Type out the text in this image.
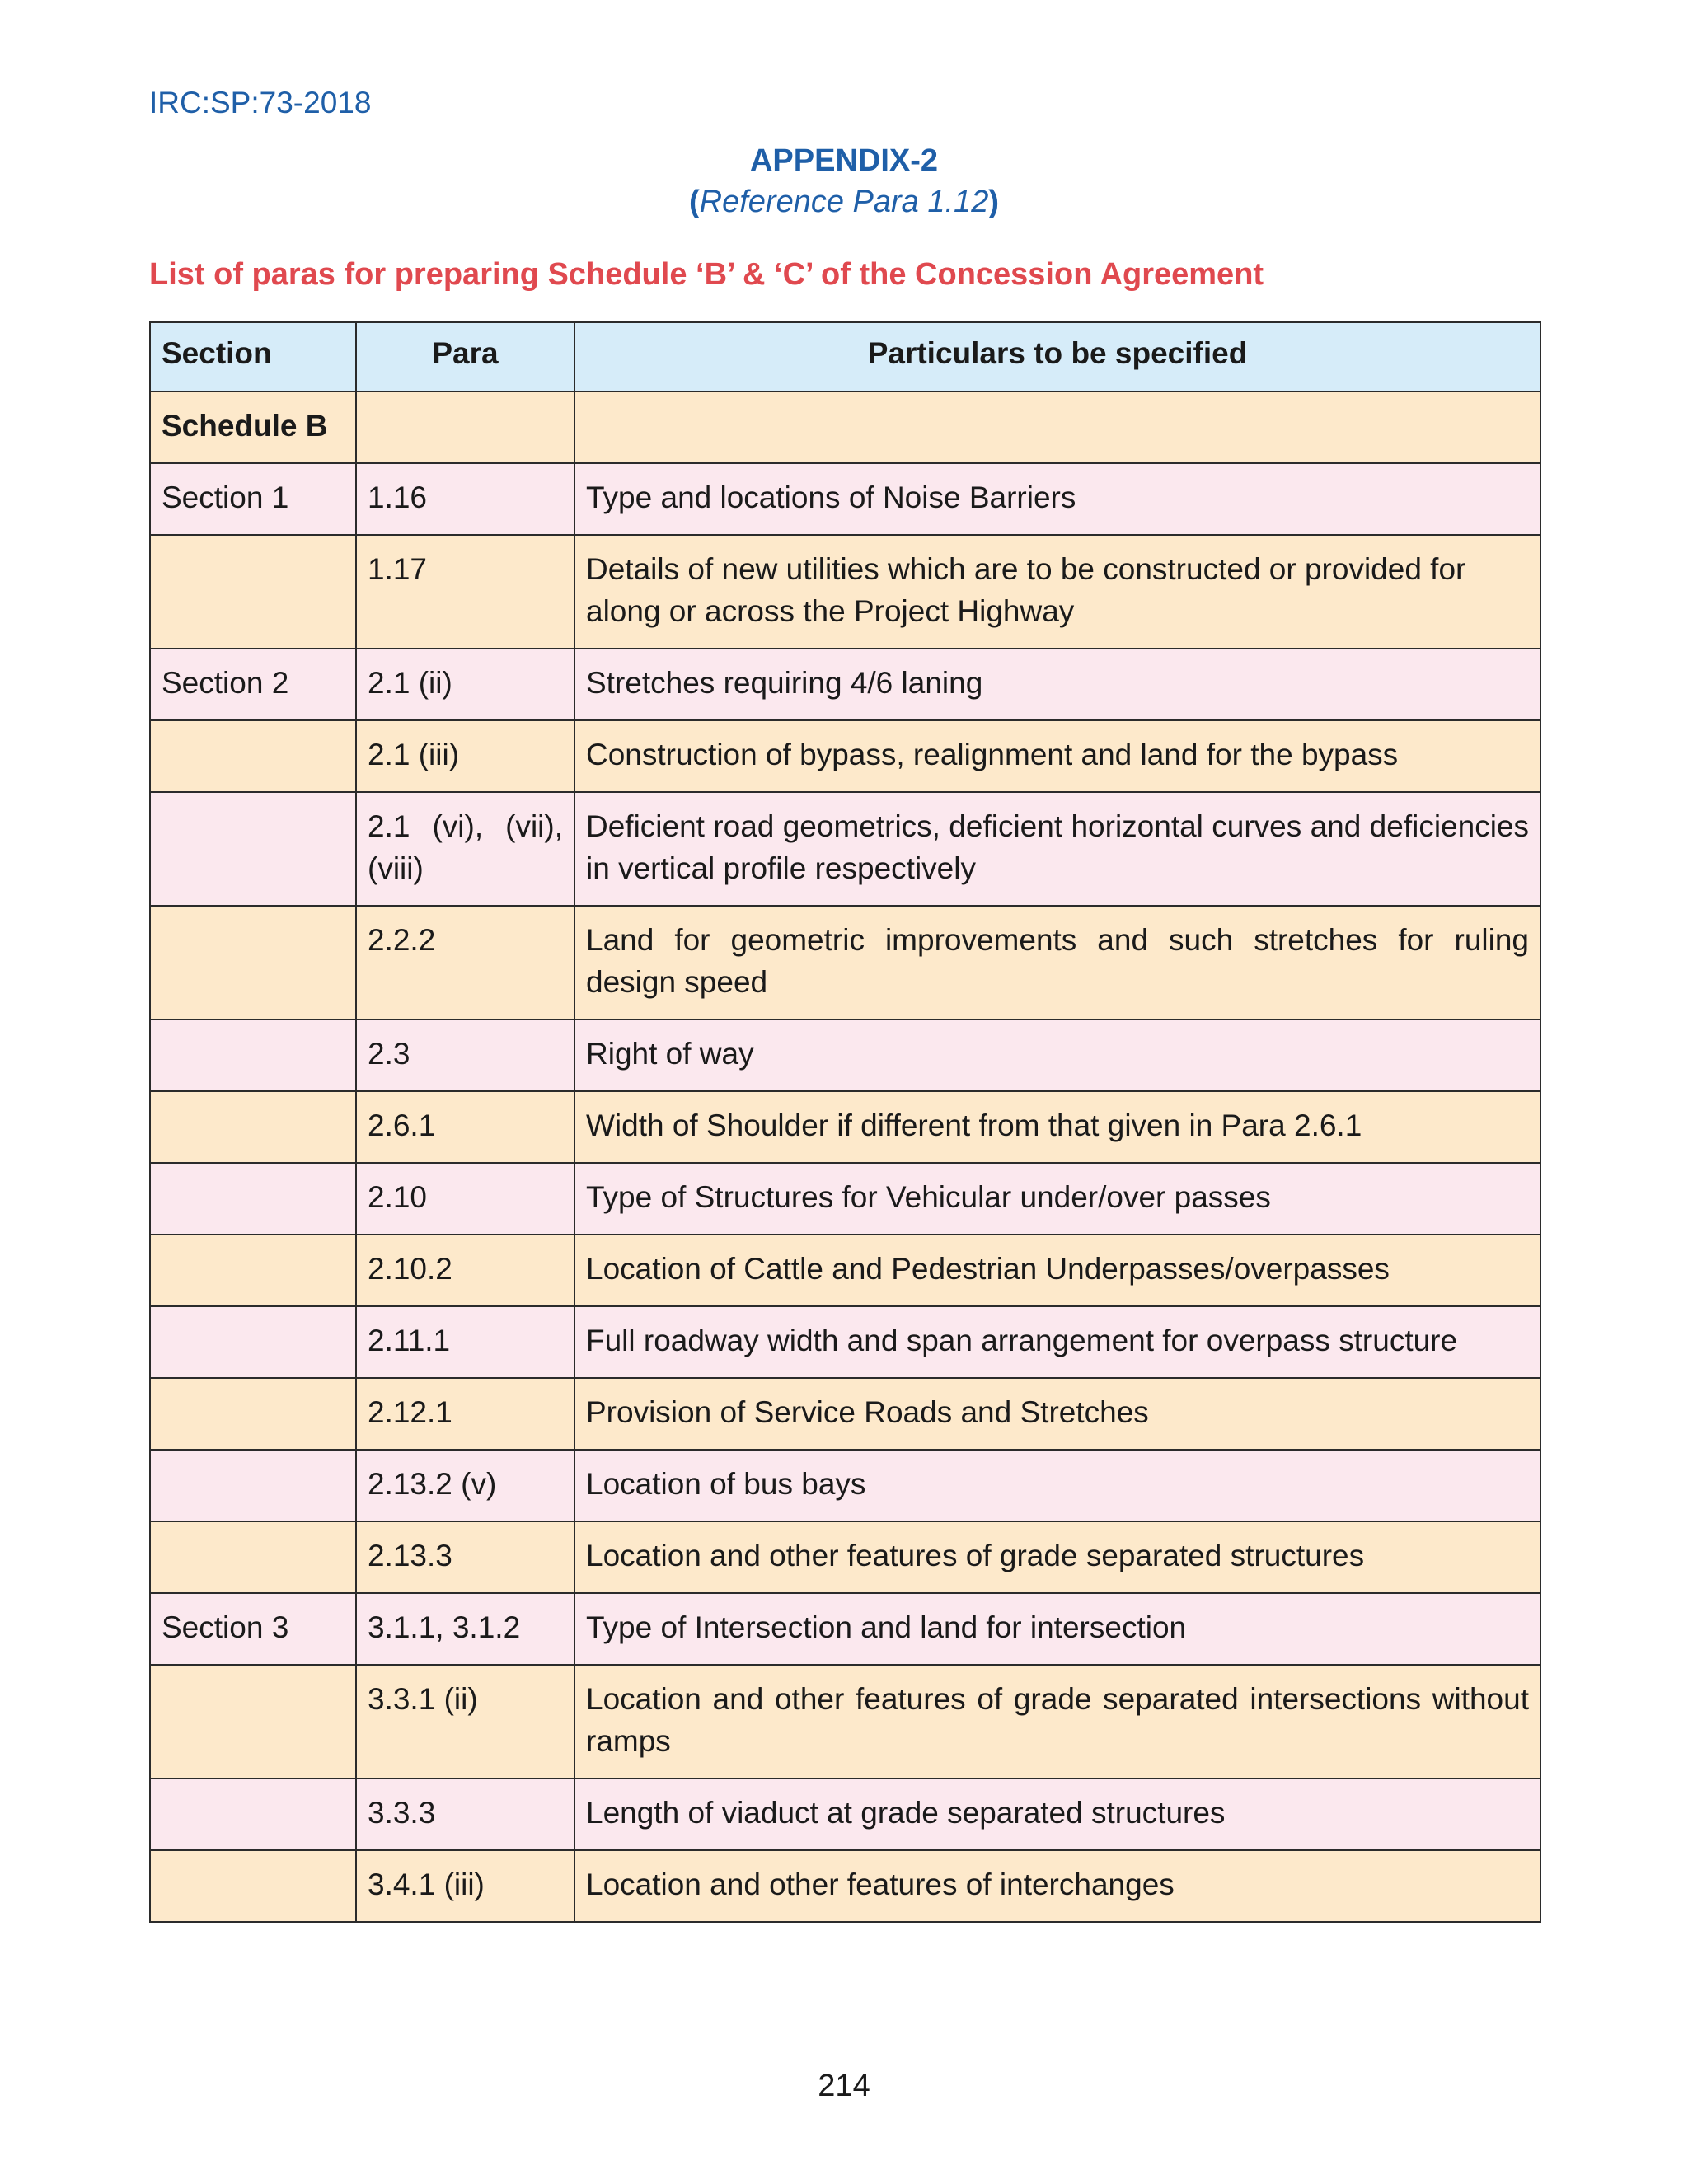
IRC:SP:73-2018
APPENDIX-2
(Reference Para 1.12)
List of paras for preparing Schedule ‘B’ & ‘C’ of the Concession Agreement
Section	Para	Particulars to be specified
Schedule B		
Section 1	1.16	Type and locations of Noise Barriers
	1.17	Details of new utilities which are to be constructed or provided for along or across the Project Highway
Section 2	2.1 (ii)	Stretches requiring 4/6 laning
	2.1 (iii)	Construction of bypass, realignment and land for the bypass
	2.1 (vi), (vii), (viii)	Deficient road geometrics, deficient horizontal curves and deficiencies in vertical profile respectively
	2.2.2	Land for geometric improvements and such stretches for ruling design speed
	2.3	Right of way
	2.6.1	Width of Shoulder if different from that given in Para 2.6.1
	2.10	Type of Structures for Vehicular under/over passes
	2.10.2	Location of Cattle and Pedestrian Underpasses/overpasses
	2.11.1	Full roadway width and span arrangement for overpass structure
	2.12.1	Provision of Service Roads and Stretches
	2.13.2 (v)	Location of bus bays
	2.13.3	Location and other features of grade separated structures
Section 3	3.1.1, 3.1.2	Type of Intersection and land for intersection
	3.3.1 (ii)	Location and other features of grade separated intersections without ramps
	3.3.3	Length of viaduct at grade separated structures
	3.4.1 (iii)	Location and other features of interchanges
214
